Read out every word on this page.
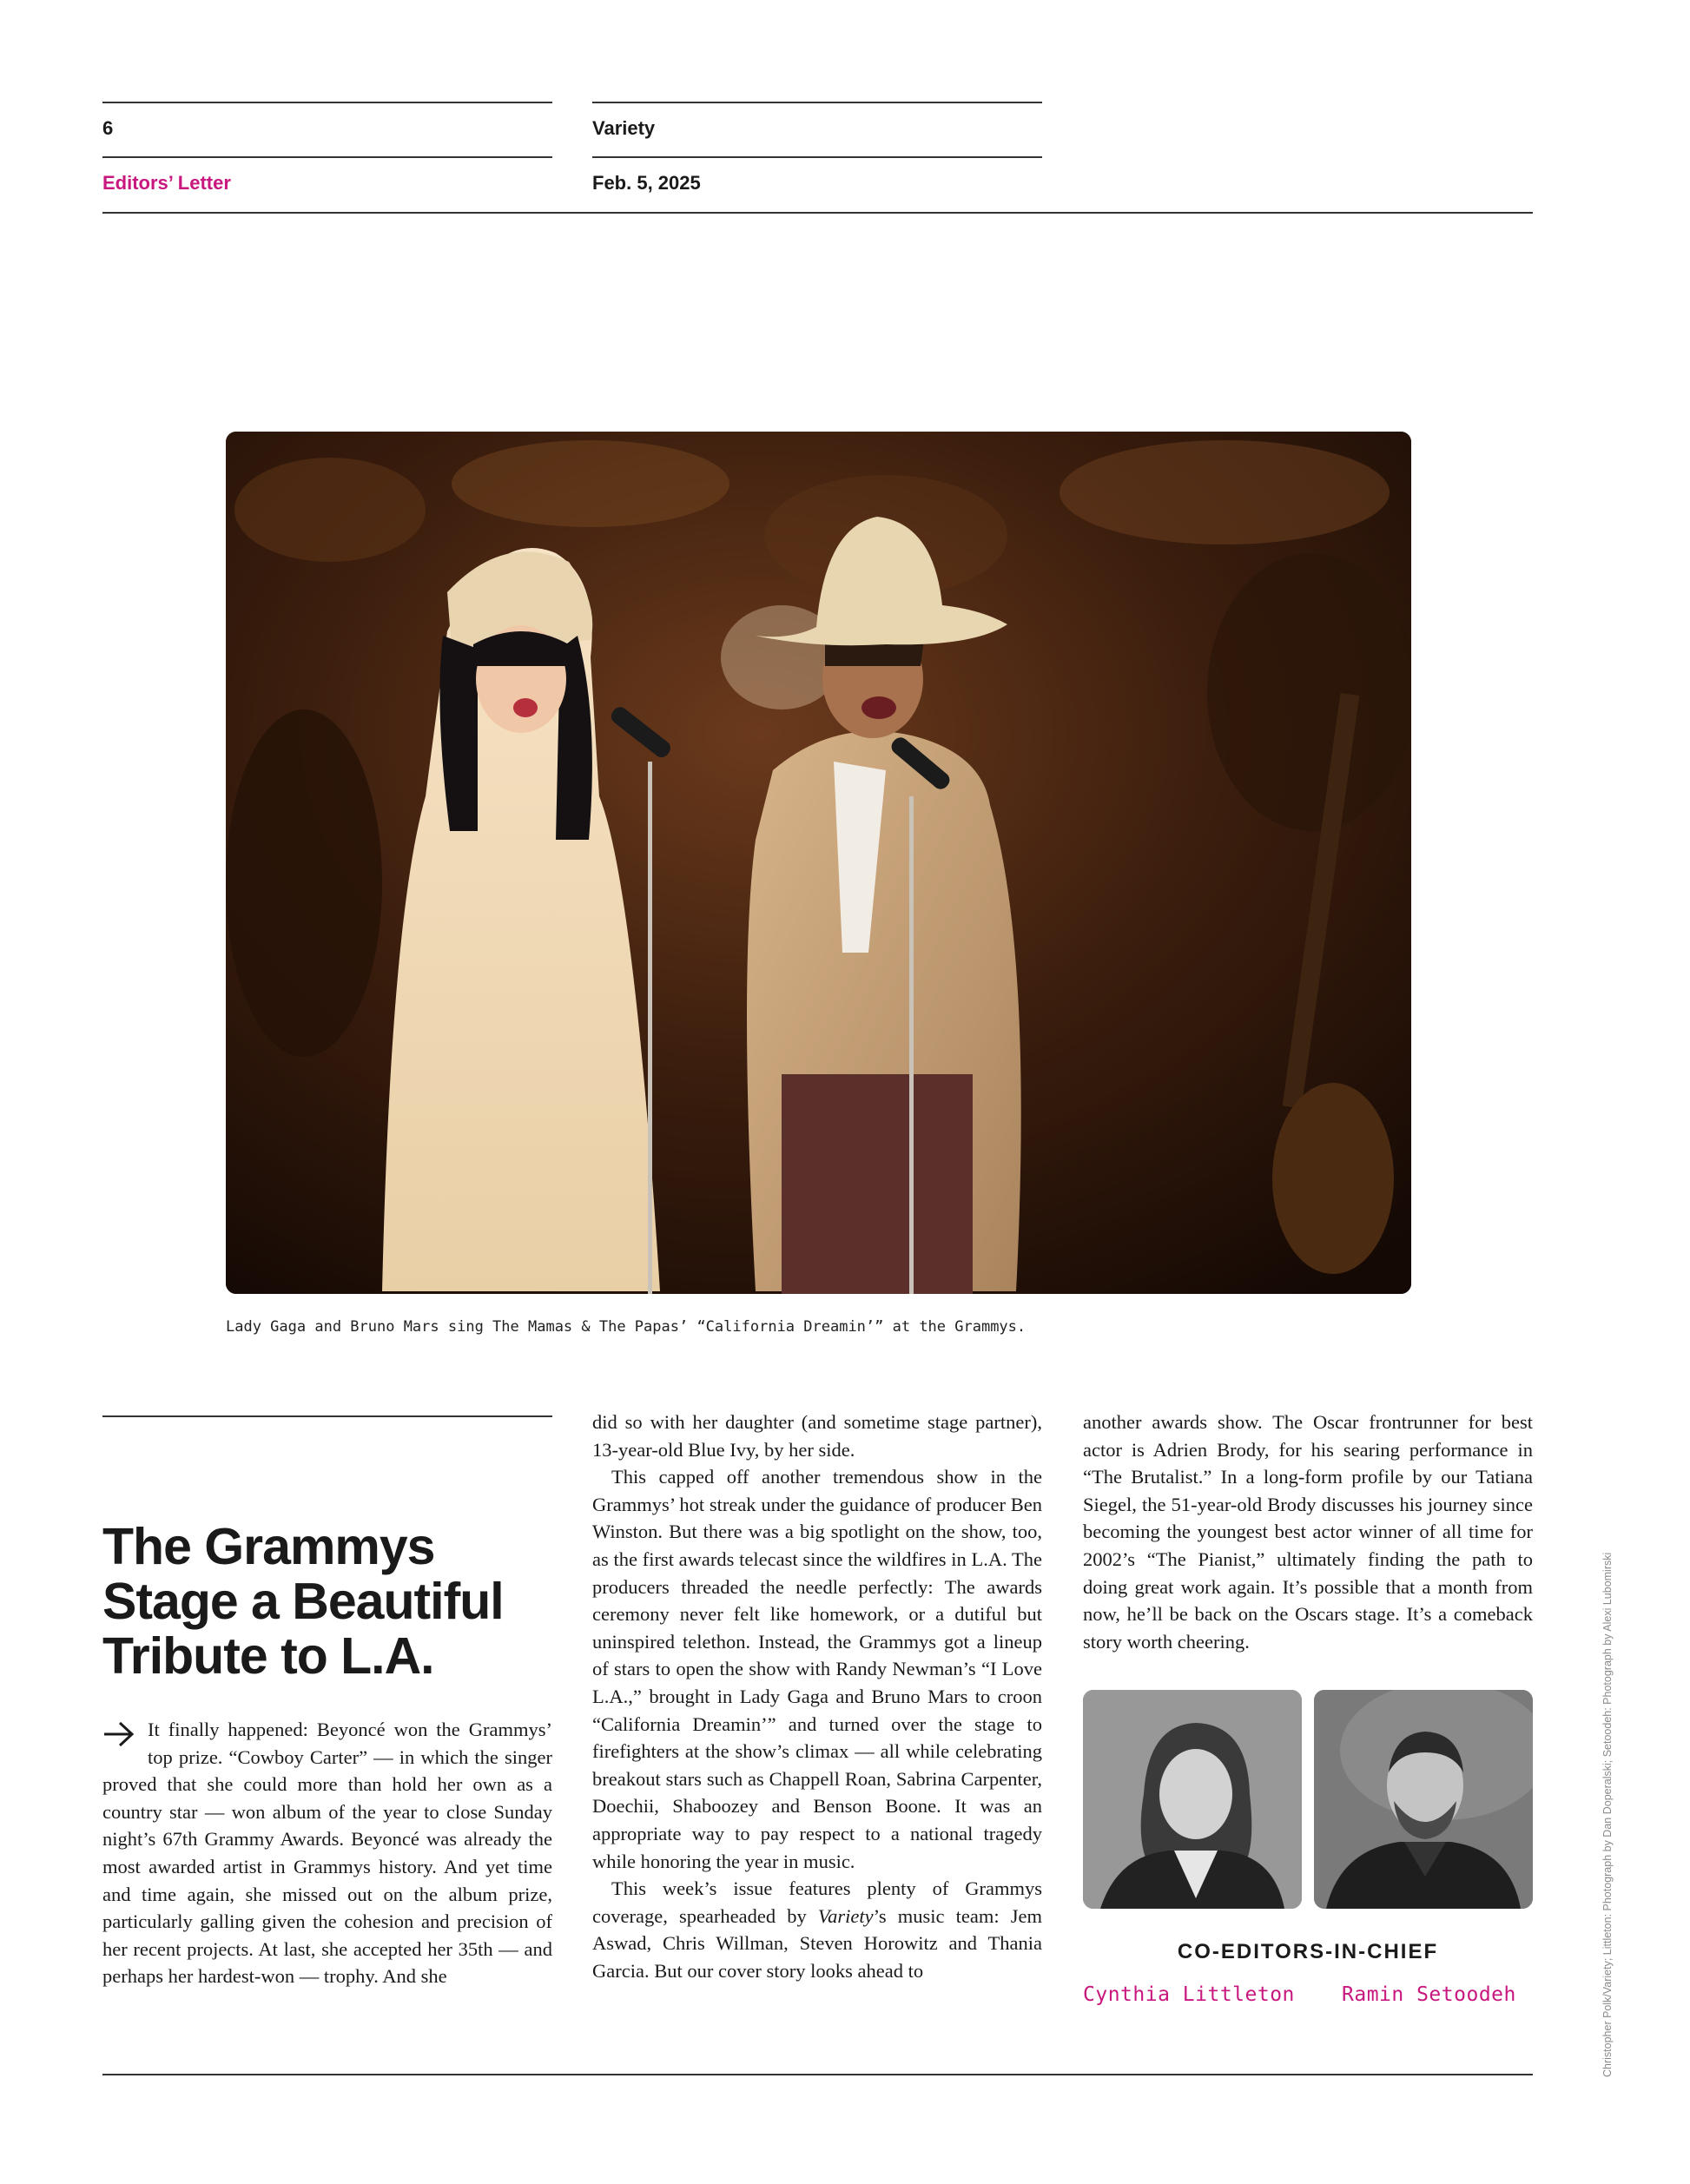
6	Variety
Editors’ Letter	Feb. 5, 2025
Lady Gaga and Bruno Mars sing The Mamas & The Papas’ “California Dreamin’” at the Grammys.
The Grammys Stage a Beautiful Tribute to L.A.

It finally happened: Beyoncé won the Grammys’ top prize. “Cowboy Carter” — in which the singer proved that she could more than hold her own as a country star — won album of the year to close Sunday night’s 67th Grammy Awards. Beyoncé was already the most awarded artist in Grammys history. And yet time and time again, she missed out on the album prize, particularly galling given the cohesion and precision of her recent projects. At last, she accepted her 35th — and perhaps her hardest-won — trophy. And she

did so with her daughter (and sometime stage partner), 13-year-old Blue Ivy, by her side.

This capped off another tremendous show in the Grammys’ hot streak under the guidance of producer Ben Winston. But there was a big spotlight on the show, too, as the first awards telecast since the wildfires in L.A. The producers threaded the needle perfectly: The awards ceremony never felt like homework, or a dutiful but uninspired telethon. Instead, the Grammys got a lineup of stars to open the show with Randy Newman’s “I Love L.A.,” brought in Lady Gaga and Bruno Mars to croon “California Dreamin’” and turned over the stage to firefighters at the show’s climax — all while celebrating breakout stars such as Chappell Roan, Sabrina Carpenter, Doechii, Shaboozey and Benson Boone. It was an appropriate way to pay respect to a national tragedy while honoring the year in music.

This week’s issue features plenty of Grammys coverage, spearheaded by Variety’s music team: Jem Aswad, Chris Willman, Steven Horowitz and Thania Garcia. But our cover story looks ahead to

another awards show. The Oscar frontrunner for best actor is Adrien Brody, for his searing performance in “The Brutalist.” In a long-form profile by our Tatiana Siegel, the 51-year-old Brody discusses his journey since becoming the youngest best actor winner of all time for 2002’s “The Pianist,” ultimately finding the path to doing great work again. It’s possible that a month from now, he’ll be back on the Oscars stage. It’s a comeback story worth cheering.

CO-EDITORS-IN-CHIEF
Cynthia Littleton Ramin Setoodeh	Christopher Polk/Variety; Littleton: Photograph by Dan Doperalski; Setoodeh: Photograph by Alexi Lubomirski
